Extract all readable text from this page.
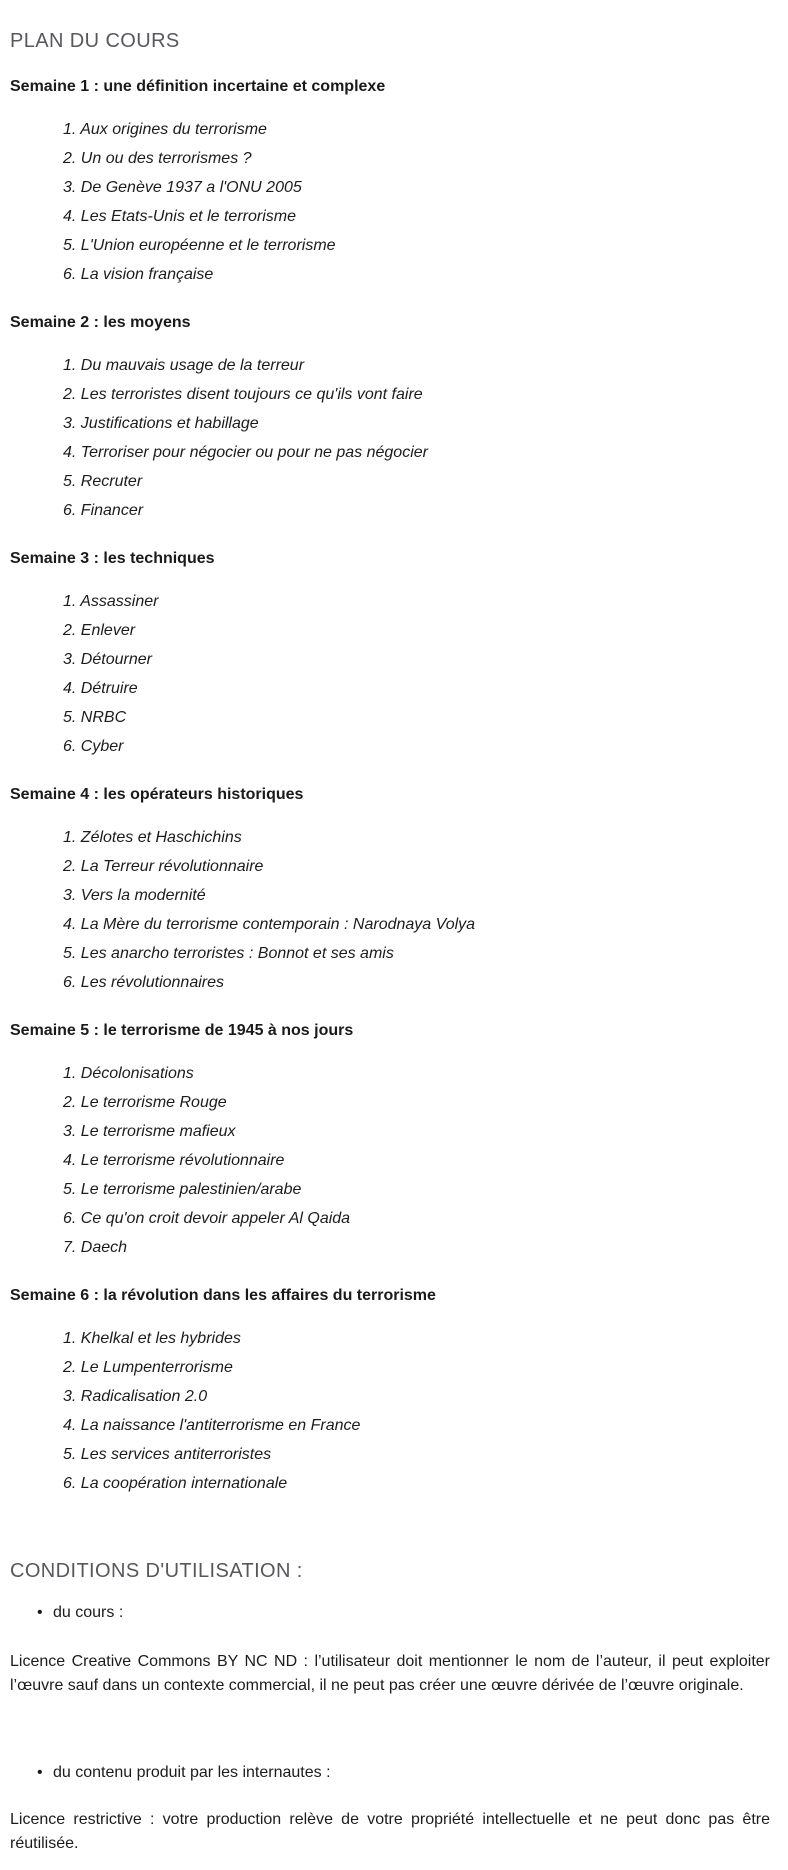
PLAN DU COURS
Semaine 1 : une définition incertaine et complexe
Aux origines du terrorisme
Un ou des terrorismes ?
De Genève 1937 a l'ONU 2005
Les Etats-Unis et le terrorisme
L'Union européenne et le terrorisme
La vision française
Semaine 2 : les moyens
Du mauvais usage de la terreur
Les terroristes disent toujours ce qu'ils vont faire
Justifications et habillage
Terroriser pour négocier ou pour ne pas négocier
Recruter
Financer
Semaine 3 : les techniques
Assassiner
Enlever
Détourner
Détruire
NRBC
Cyber
Semaine 4 : les opérateurs historiques
Zélotes et Haschichins
La Terreur révolutionnaire
Vers la modernité
La Mère du terrorisme contemporain : Narodnaya Volya
Les anarcho terroristes : Bonnot et ses amis
Les révolutionnaires
Semaine 5 : le terrorisme de 1945 à nos jours
Décolonisations
Le terrorisme Rouge
Le terrorisme mafieux
Le terrorisme révolutionnaire
Le terrorisme palestinien/arabe
Ce qu'on croit devoir appeler Al Qaida
Daech
Semaine 6 : la révolution dans les affaires du terrorisme
Khelkal et les hybrides
Le Lumpenterrorisme
Radicalisation 2.0
La naissance l'antiterrorisme en France
Les services antiterroristes
La coopération internationale
CONDITIONS D'UTILISATION :
• du cours :

Licence Creative Commons BY NC ND : l’utilisateur doit mentionner le nom de l’auteur, il peut exploiter l’œuvre sauf dans un contexte commercial, il ne peut pas créer une œuvre dérivée de l’œuvre originale.

• du contenu produit par les internautes :

Licence restrictive : votre production relève de votre propriété intellectuelle et ne peut donc pas être réutilisée.
